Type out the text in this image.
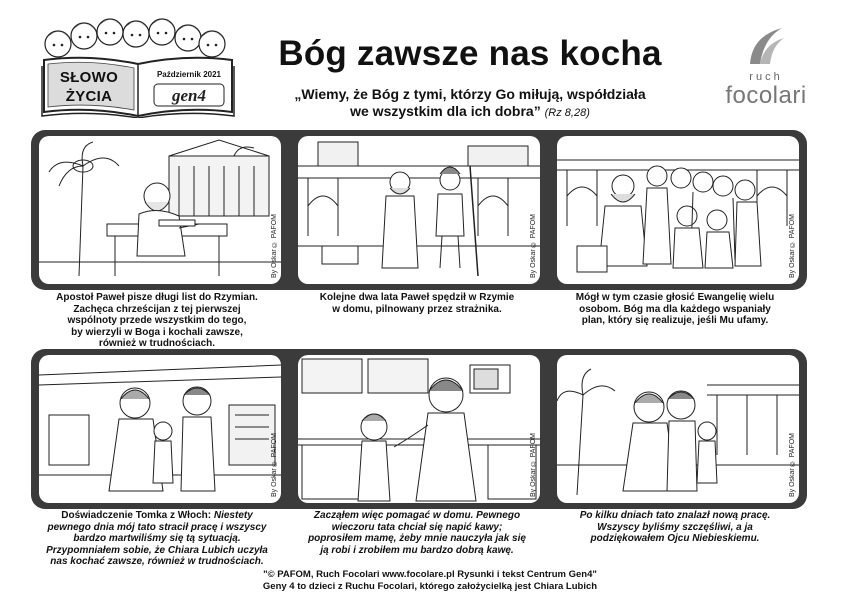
SŁOWO
ŻYCIA
Październik 2021
gen4
Bóg zawsze nas kocha
„Wiemy, że Bóg z tymi, którzy Go miłują, współdziała
we wszystkim dla ich dobra” (Rz 8,28)
ruch
focolari
By Oskar © PAFOM	By Oskar © PAFOM	By Oskar © PAFOM
Apostoł Paweł pisze długi list do Rzymian.
Zachęca chrześcijan z tej pierwszej
wspólnoty przede wszystkim do tego,
by wierzyli w Boga i kochali zawsze,
również w trudnościach.
Kolejne dwa lata Paweł spędził w Rzymie
w domu, pilnowany przez strażnika.
Mógł w tym czasie głosić Ewangelię wielu
osobom. Bóg ma dla każdego wspaniały
plan, który się realizuje, jeśli Mu ufamy.
By Oskar © PAFOM	By Oskar © PAFOM	By Oskar © PAFOM
Doświadczenie Tomka z Włoch: Niestety
pewnego dnia mój tato stracił pracę i wszyscy
bardzo martwiliśmy się tą sytuacją.
Przypomniałem sobie, że Chiara Lubich uczyła
nas kochać zawsze, również w trudnościach.
Zacząłem więc pomagać w domu. Pewnego
wieczoru tata chciał się napić kawy;
poprosiłem mamę, żeby mnie nauczyła jak się
ją robi i zrobiłem mu bardzo dobrą kawę.
Po kilku dniach tato znalazł nową pracę.
Wszyscy byliśmy szczęśliwi, a ja
podziękowałem Ojcu Niebieskiemu.
"© PAFOM, Ruch Focolari www.focolare.pl Rysunki i tekst Centrum Gen4"
Geny 4 to dzieci z Ruchu Focolari, którego założycielką jest Chiara Lubich
